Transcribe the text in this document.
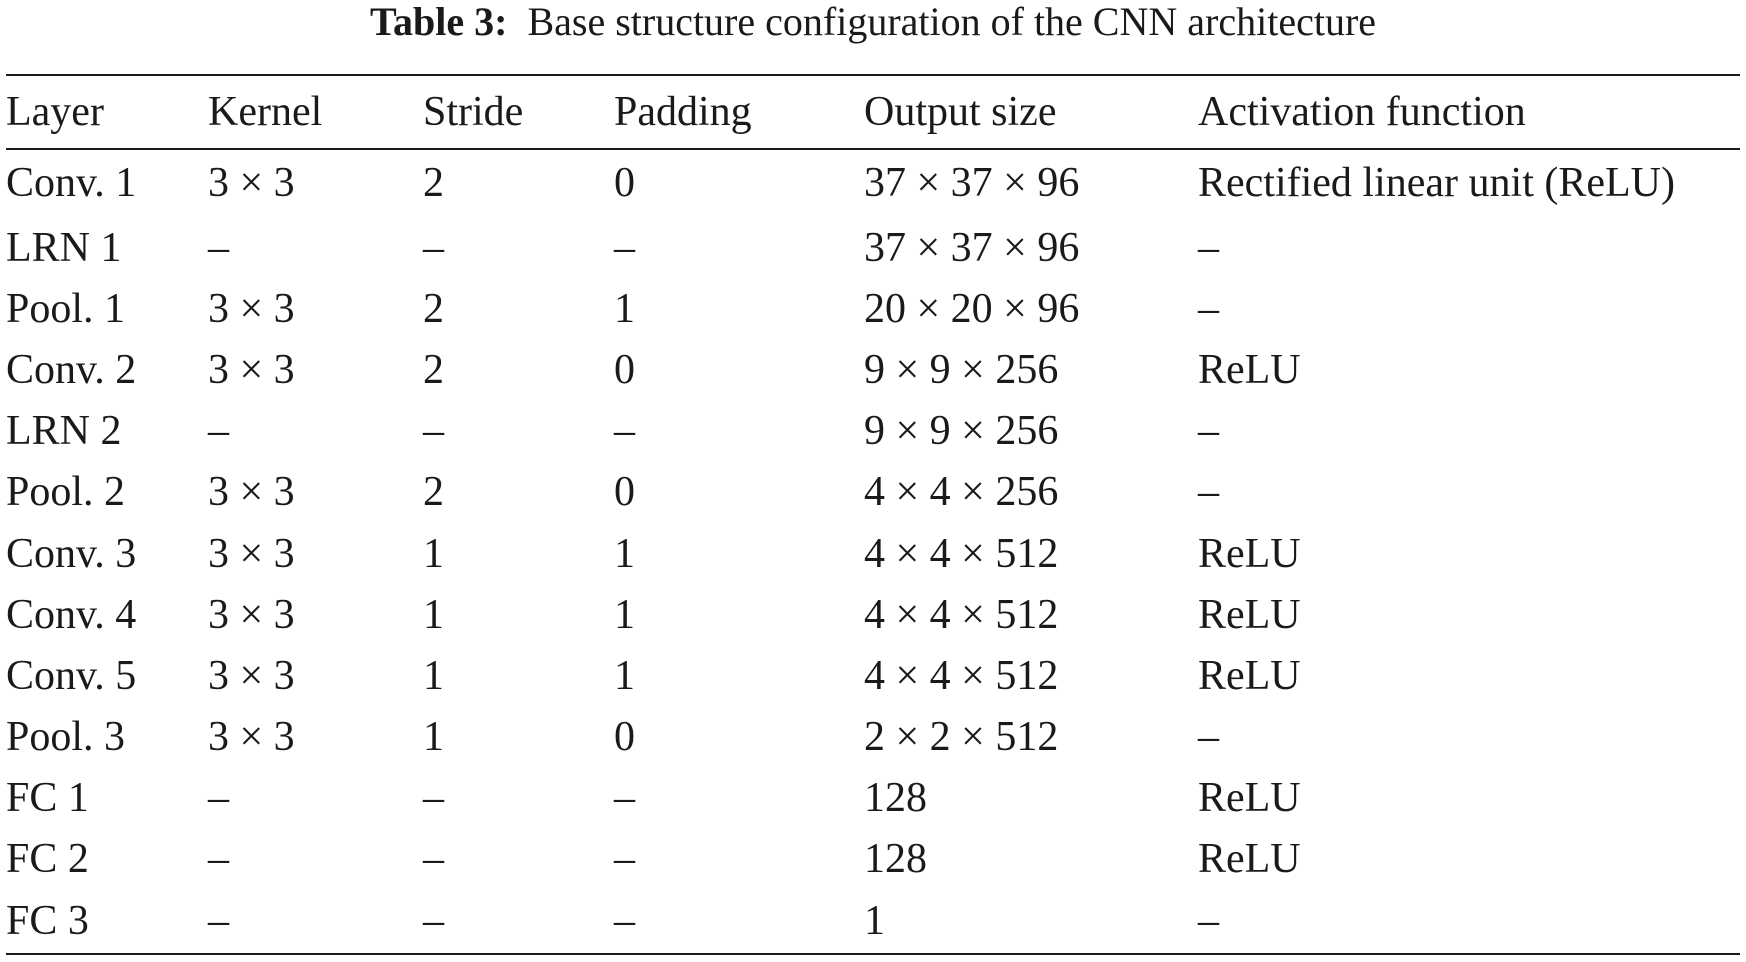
Table 3: Base structure configuration of the CNN architecture
Layer	Kernel	Stride	Padding	Output size	Activation function
Conv. 1	3 × 3	2	0	37 × 37 × 96	Rectified linear unit (ReLU)
LRN 1	–	–	–	37 × 37 × 96	–
Pool. 1	3 × 3	2	1	20 × 20 × 96	–
Conv. 2	3 × 3	2	0	9 × 9 × 256	ReLU
LRN 2	–	–	–	9 × 9 × 256	–
Pool. 2	3 × 3	2	0	4 × 4 × 256	–
Conv. 3	3 × 3	1	1	4 × 4 × 512	ReLU
Conv. 4	3 × 3	1	1	4 × 4 × 512	ReLU
Conv. 5	3 × 3	1	1	4 × 4 × 512	ReLU
Pool. 3	3 × 3	1	0	2 × 2 × 512	–
FC 1	–	–	–	128	ReLU
FC 2	–	–	–	128	ReLU
FC 3	–	–	–	1	–
